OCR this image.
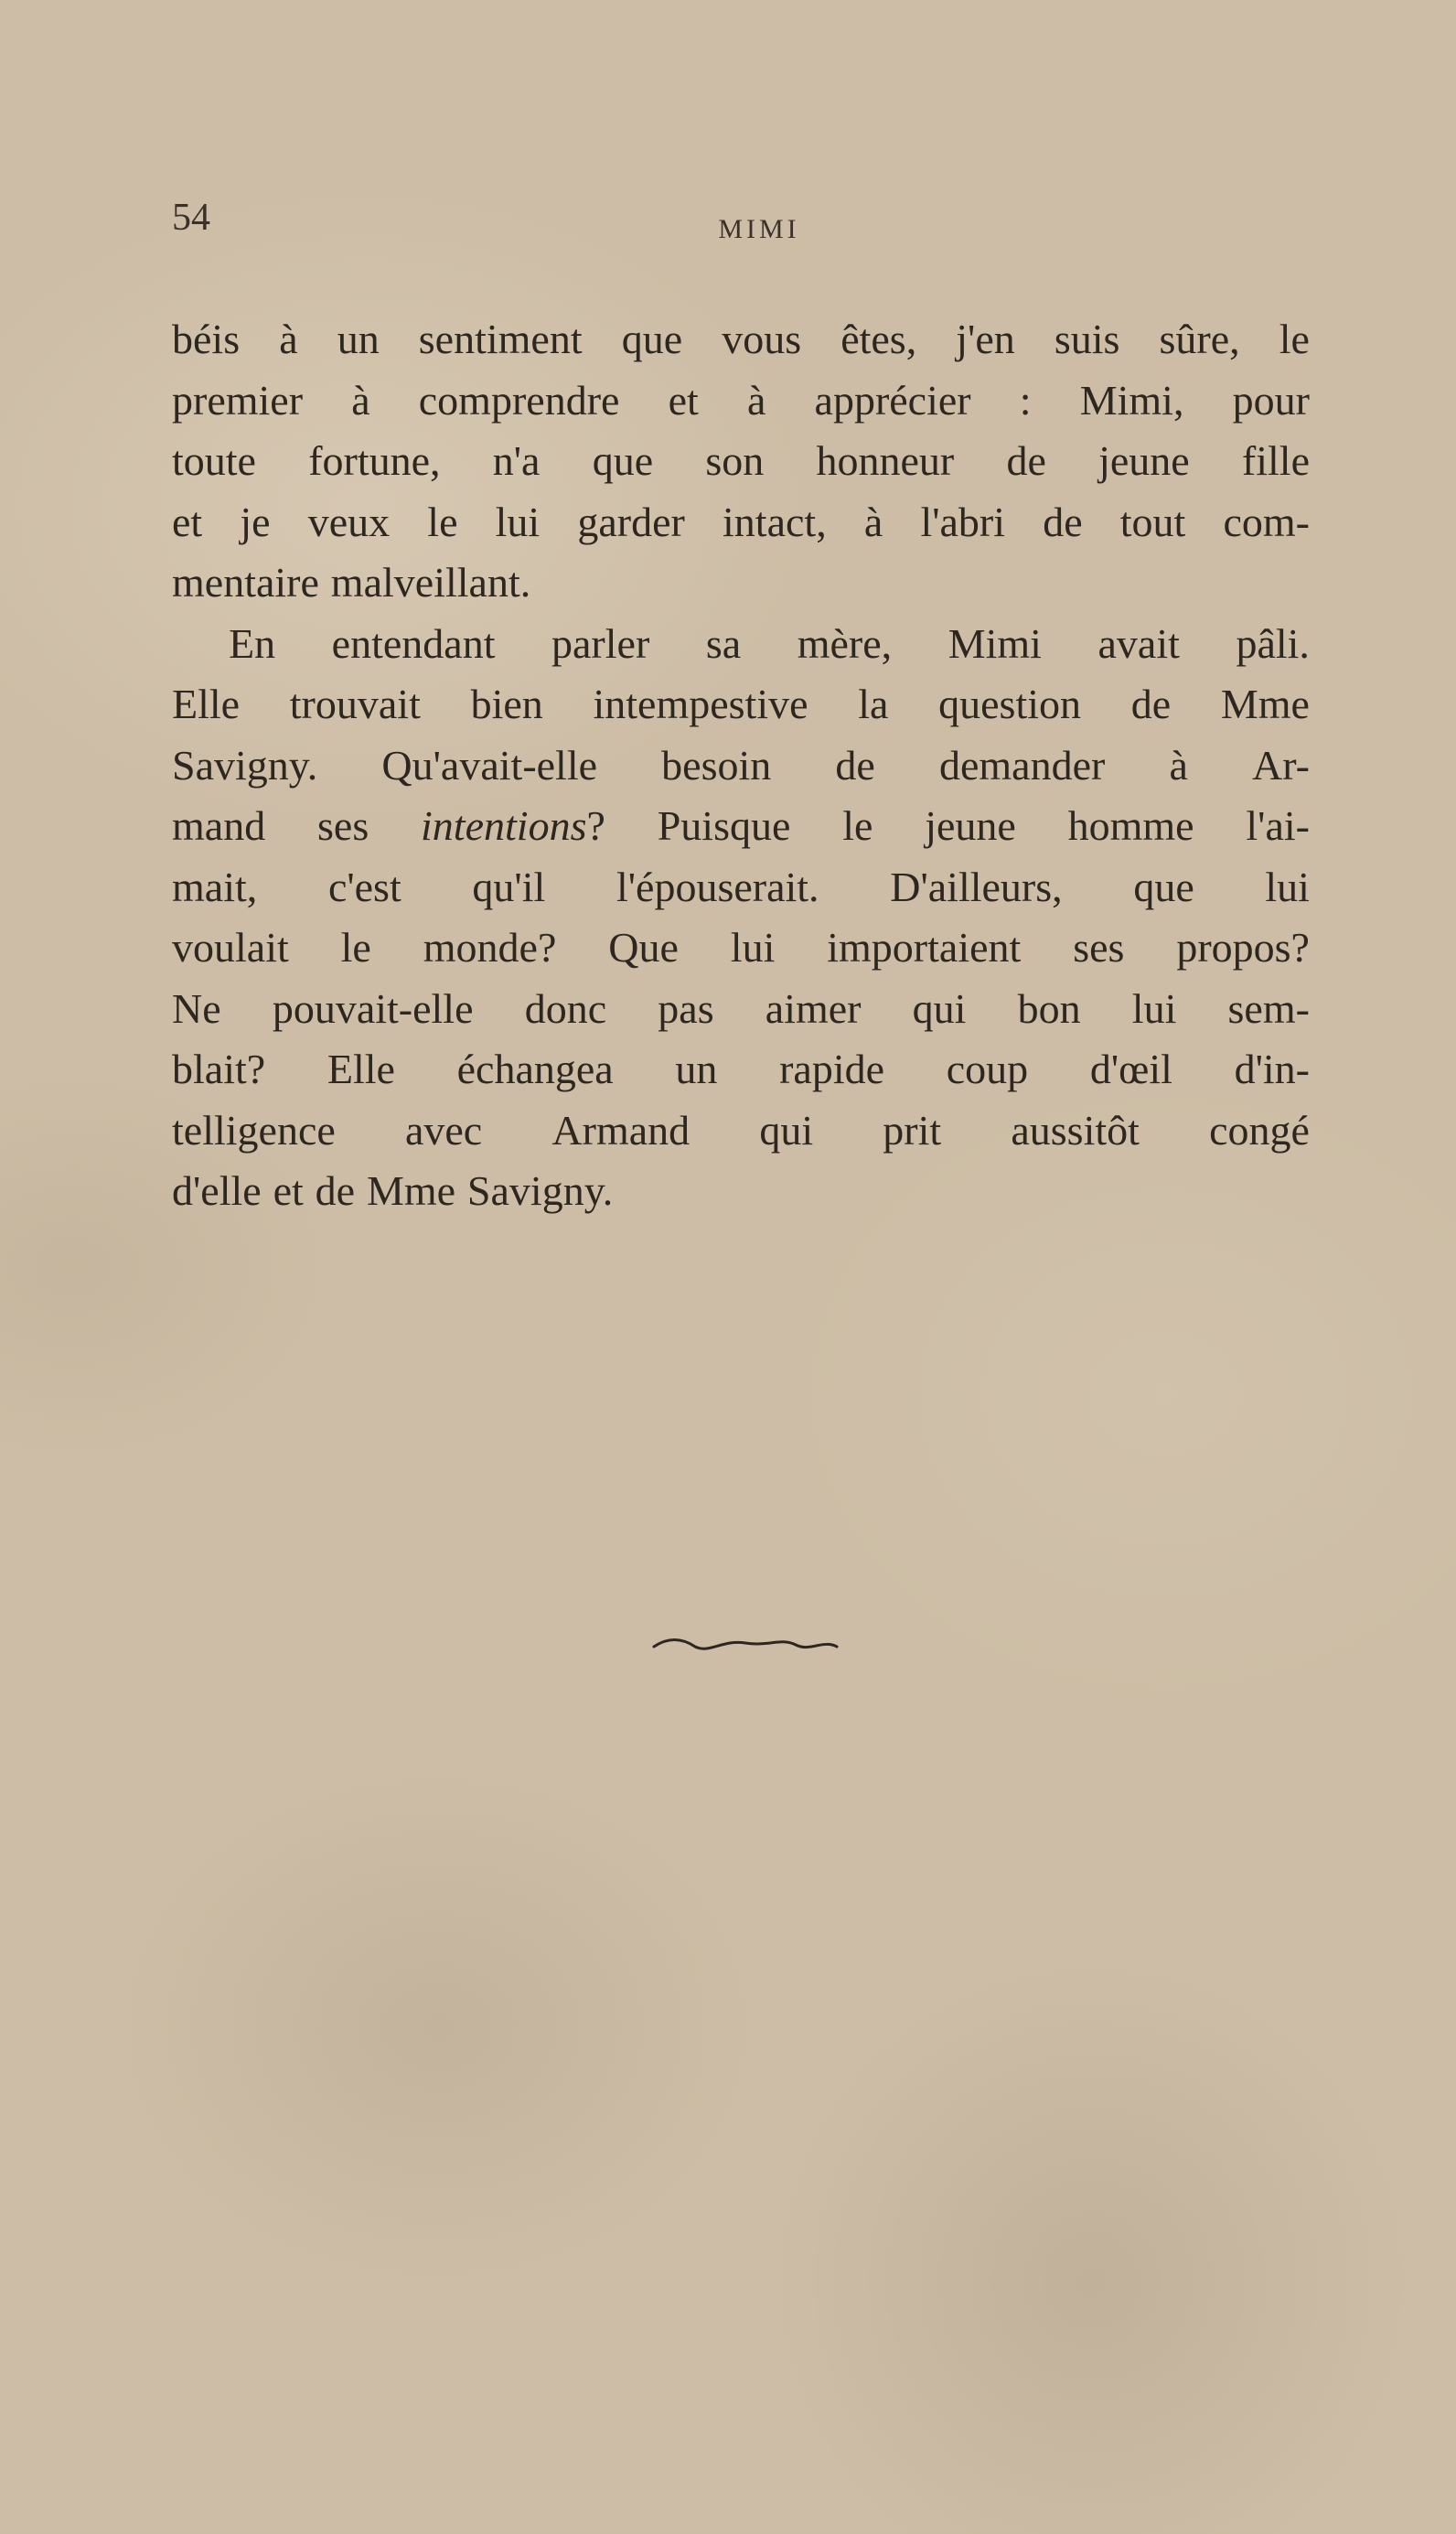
54	MIMI
béis à un sentiment que vous êtes, j'en suis sûre, le
premier à comprendre et à apprécier : Mimi, pour
toute fortune, n'a que son honneur de jeune fille
et je veux le lui garder intact, à l'abri de tout com-
mentaire malveillant.
En entendant parler sa mère, Mimi avait pâli.
Elle trouvait bien intempestive la question de Mme
Savigny. Qu'avait-elle besoin de demander à Ar-
mand ses intentions? Puisque le jeune homme l'ai-
mait, c'est qu'il l'épouserait. D'ailleurs, que lui
voulait le monde? Que lui importaient ses propos?
Ne pouvait-elle donc pas aimer qui bon lui sem-
blait? Elle échangea un rapide coup d'œil d'in-
telligence avec Armand qui prit aussitôt congé
d'elle et de Mme Savigny.
